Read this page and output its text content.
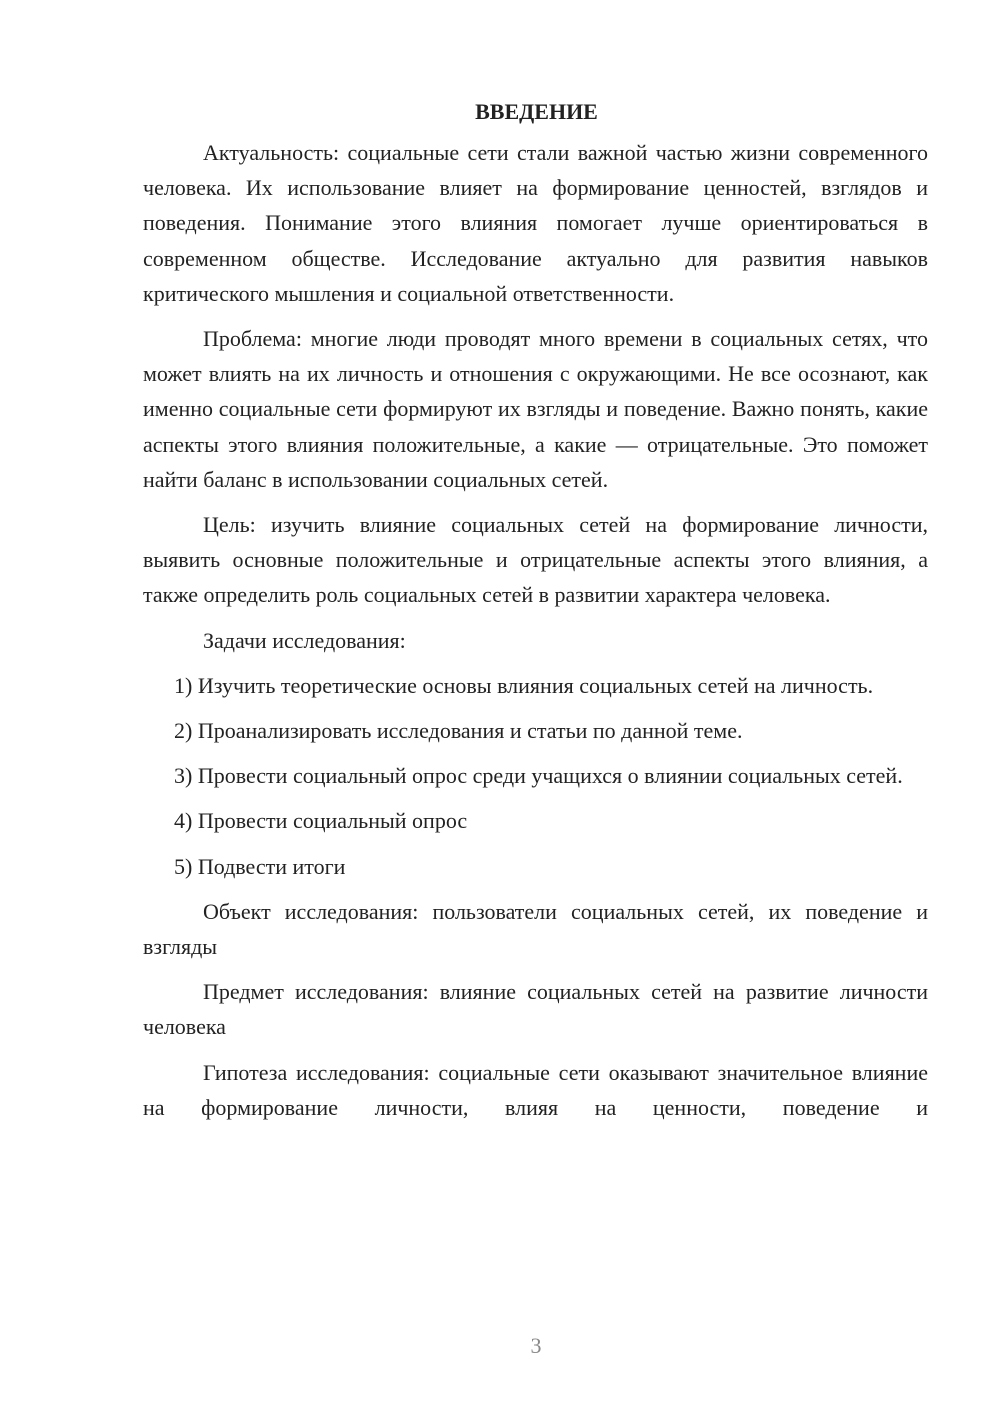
ВВЕДЕНИЕ

Актуальность: социальные сети стали важной частью жизни современного человека. Их использование влияет на формирование ценностей, взглядов и поведения. Понимание этого влияния помогает лучше ориентироваться в современном обществе. Исследование актуально для развития навыков критического мышления и социальной ответственности.

Проблема: многие люди проводят много времени в социальных сетях, что может влиять на их личность и отношения с окружающими. Не все осознают, как именно социальные сети формируют их взгляды и поведение. Важно понять, какие аспекты этого влияния положительные, а какие — отрицательные. Это поможет найти баланс в использовании социальных сетей.

Цель: изучить влияние социальных сетей на формирование личности, выявить основные положительные и отрицательные аспекты этого влияния, а также определить роль социальных сетей в развитии характера человека.

Задачи исследования:

1) Изучить теоретические основы влияния социальных сетей на личность.

2) Проанализировать исследования и статьи по данной теме.

3) Провести социальный опрос среди учащихся о влиянии социальных сетей.

4) Провести социальный опрос

5) Подвести итоги

Объект исследования: пользователи социальных сетей, их поведение и взгляды

Предмет исследования: влияние социальных сетей на развитие личности человека

Гипотеза исследования: социальные сети оказывают значительное влияние на формирование личности, влияя на ценности, поведение и

3
